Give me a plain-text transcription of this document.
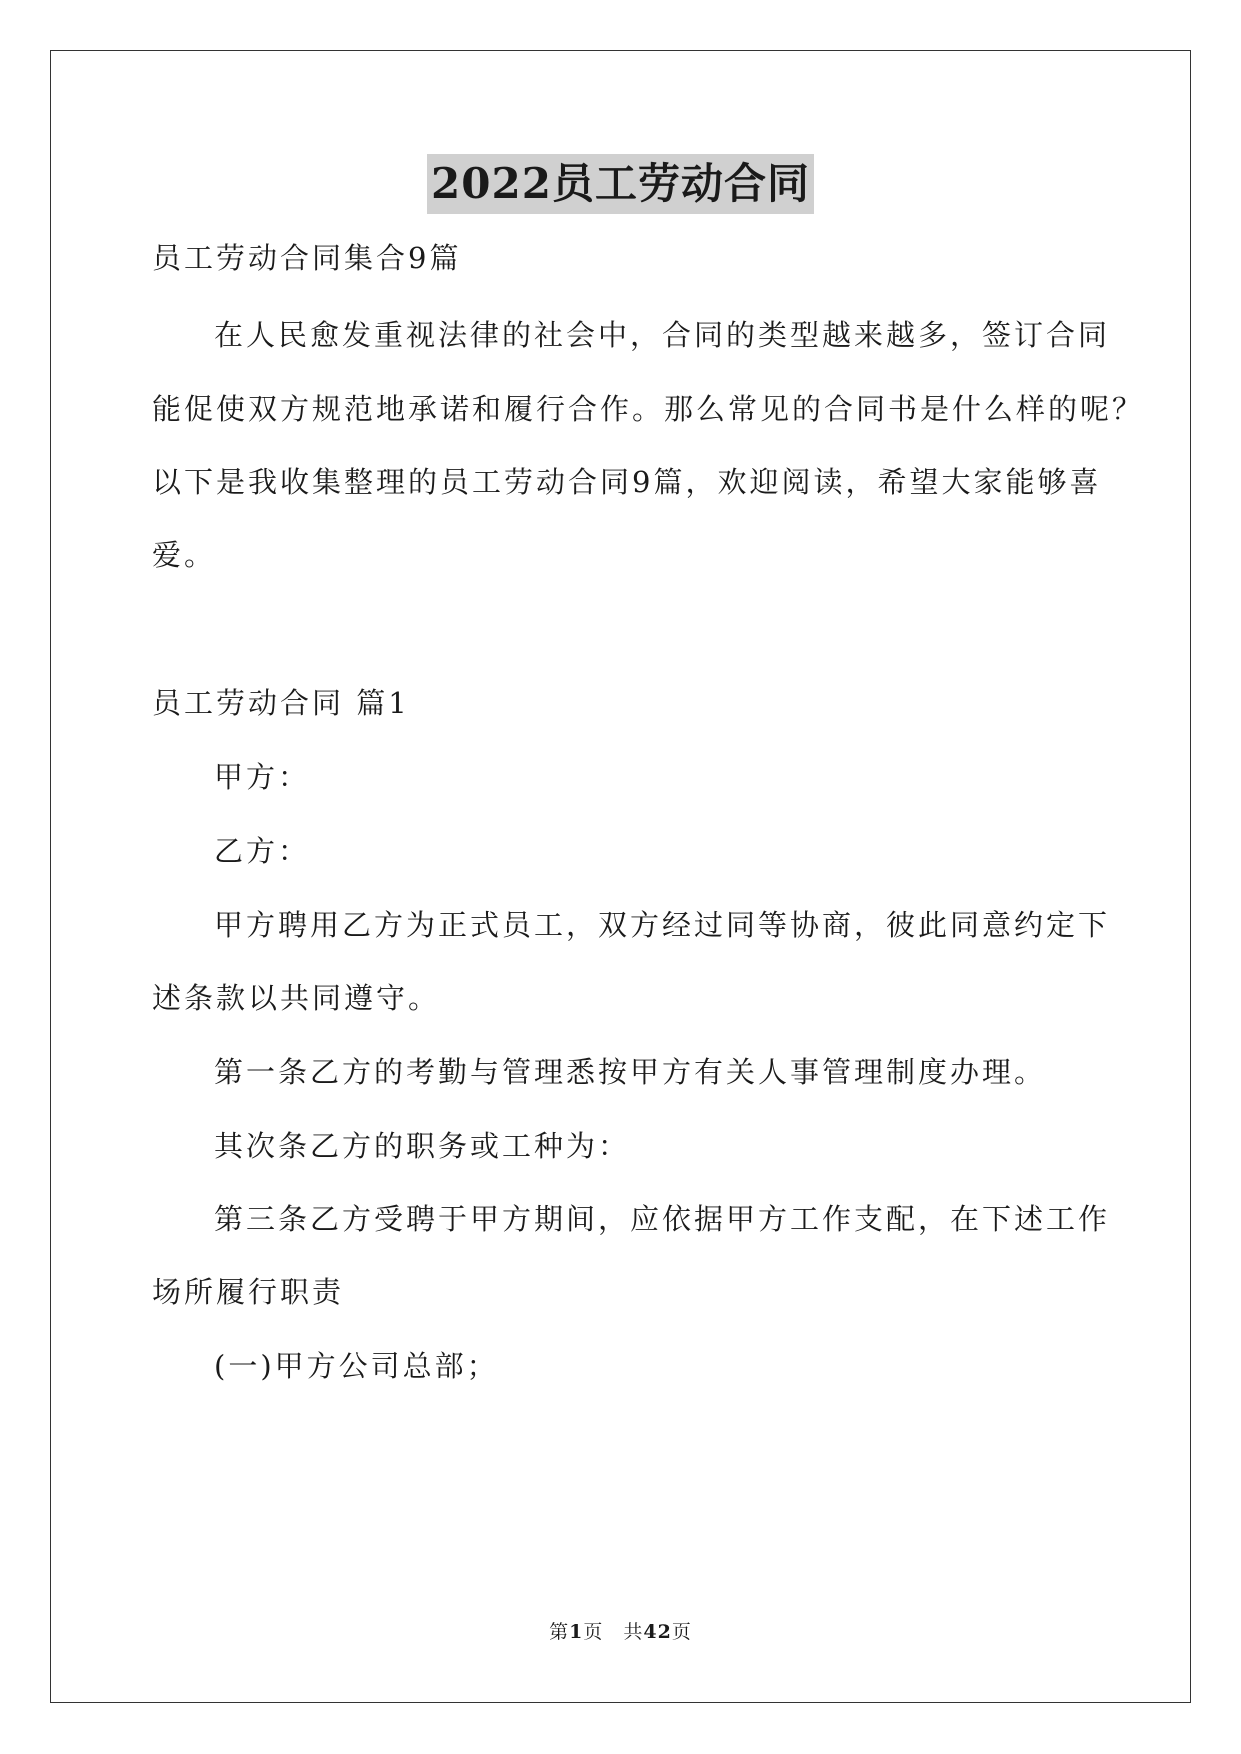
2022员工劳动合同
员工劳动合同集合9篇
在人民愈发重视法律的社会中，合同的类型越来越多，签订合同
能促使双方规范地承诺和履行合作。那么常见的合同书是什么样的呢？
以下是我收集整理的员工劳动合同9篇，欢迎阅读，希望大家能够喜
爱。
员工劳动合同 篇1
甲方：
乙方：
甲方聘用乙方为正式员工，双方经过同等协商，彼此同意约定下
述条款以共同遵守。
第一条乙方的考勤与管理悉按甲方有关人事管理制度办理。
其次条乙方的职务或工种为：
第三条乙方受聘于甲方期间，应依据甲方工作支配，在下述工作
场所履行职责
(一)甲方公司总部；
第1页　共42页
